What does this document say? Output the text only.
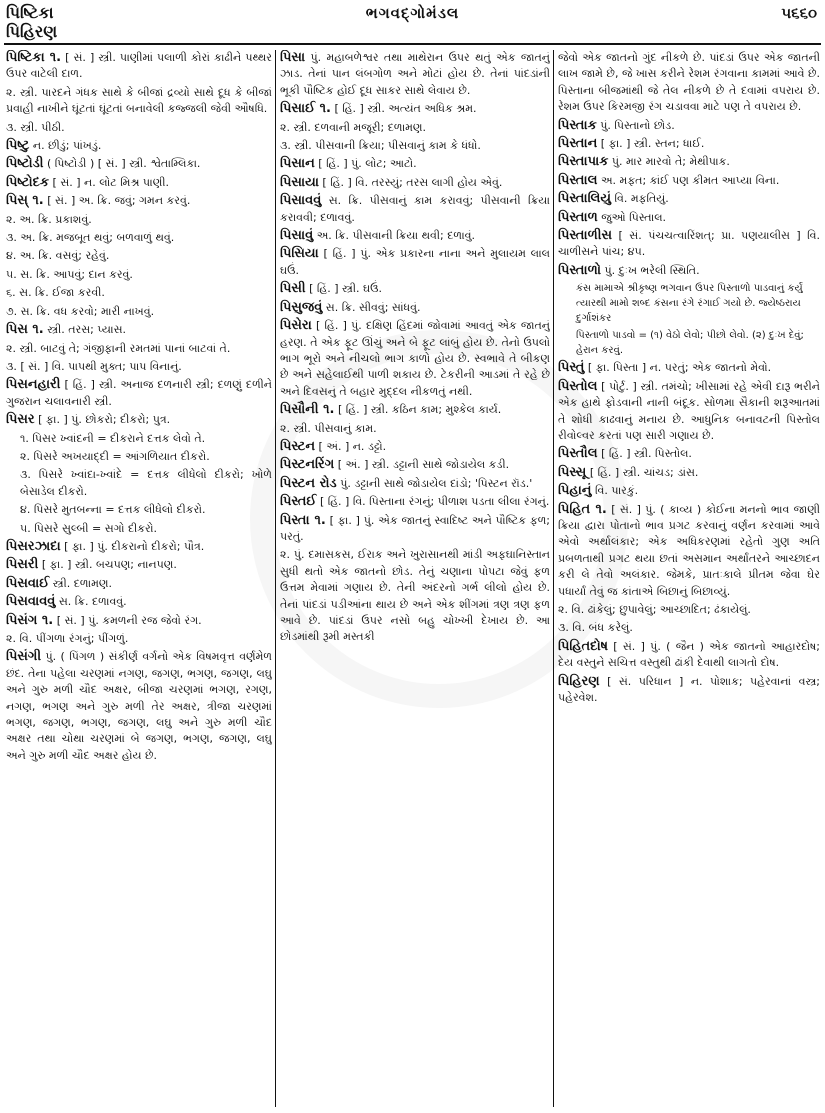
પિષ્ટિકા
પિહિરણ
ભગવદ્ગોમંડલ	૫૬૬૦
પિષ્ટિકા ૧. [ સં. ] સ્ત્રી. પાણીમાં પલાળી કોરાં કાઢીને પથ્થર ઉપર વાટેલી દાળ.
૨. સ્ત્રી. પારદને ગંધક સાથે કે બીજાં દ્રવ્યો સાથે દૂધ કે બીજાં પ્રવાહી નાખીને ઘૂંટતાં ઘૂંટતાં બનાવેલી કજ્જલી જેવી ઔષધિ.
૩. સ્ત્રી. પીઠી.
પિષ્ટુ ન. છીડું; પાંખડું.
પિષ્ટોડી ( પિષ્ટોડી ) [ સં. ] સ્ત્રી. શ્વેતામ્લિકા.
પિષ્ટોદક [ સં. ] ન. લોટ મિશ્ર પાણી.
પિસ્ ૧. [ સં. ] અ. ક્રિ. જવું; ગમન કરવું.
૨. અ. ક્રિ. પ્રકાશવું.
૩. અ. ક્રિ. મજબૂત થવું; બળવાળું થવું.
૪. અ. ક્રિ. વસવું; રહેવું.
૫. સ. ક્રિ. આપવું; દાન કરવું.
૬. સ. ક્રિ. ઈજા કરવી.
૭. સ. ક્રિ. વધ કરવો; મારી નાખવું.
પિસ ૧. સ્ત્રી. તરસ; પ્યાસ.
૨. સ્ત્રી. બાટવું તે; ગંજીફાની રમતમાં પાનાં બાટવાં તે.
૩. [ સં. ] વિ. પાપથી મુક્ત; પાપ વિનાનું.
પિસનહારી [ હિં. ] સ્ત્રી. અનાજ દળનારી સ્ત્રી; દળણું દળીને ગુજરાન ચલાવનારી સ્ત્રી.
પિસર [ ફા. ] પું. છોકરો; દીકરો; પુત્ર.
૧. પિસર ખ્વાંદની = દીકરાને દત્તક લેવો તે.
૨. પિસરે અખયાદ્દી = આંગળિયાત દીકરો.
૩. પિસરે ખ્વાંદા-ખ્વાંદે = દત્તક લીધેલો દીકરો; ખોળે બેસાડેલ દીકરો.
૪. પિસરે મુતબન્ના = દત્તક લીધેલો દીકરો.
૫. પિસરે સુલ્બી = સગો દીકરો.
પિસરઝાદા [ ફા. ] પું. દીકરાનો દીકરો; પૌત્ર.
પિસરી [ ફા. ] સ્ત્રી. બચપણ; નાનપણ.
પિસવાઈ સ્ત્રી. દળામણ.
પિસવાવવું સ. ક્રિ. દળાવવું.
પિસંગ ૧. [ સં. ] પું. કમળની રજ જેવો રંગ.
૨. વિ. પીંગળા રંગનું; પીંગળું.
પિસંગી પું. ( પિંગળ ) સંકીર્ણ વર્ગનો એક વિષમવૃત્ત વર્ણમેળ છંદ. તેના પહેલા ચરણમાં નગણ, જગણ, ભગણ, જગણ, લઘુ અને ગુરુ મળી ચૌદ અક્ષર, બીજા ચરણમાં ભગણ, રગણ, નગણ, ભગણ અને ગુરુ મળી તેર અક્ષર, ત્રીજા ચરણમાં ભગણ, જગણ, ભગણ, જગણ, લઘુ અને ગુરુ મળી ચૌદ અક્ષર તથા ચોથા ચરણમાં બે જગણ, ભગણ, જગણ, લઘુ અને ગુરુ મળી ચૌદ અક્ષર હોય છે.
પિસા પું. મહાબળેશ્વર તથા માથેરાન ઉપર થતું એક જાતનું ઝાડ. તેનાં પાન લંબગોળ અને મોટાં હોય છે. તેનાં પાંદડાંની ભૂકી પૌષ્ટિક હોઈ દૂધ સાકર સાથે લેવાય છે.
પિસાઈ ૧. [ હિં. ] સ્ત્રી. અત્યંત અધિક શ્રમ.
૨. સ્ત્રી. દળવાની મજૂરી; દળામણ.
૩. સ્ત્રી. પીસવાની ક્રિયા; પીસવાનું કામ કે ધંધો.
પિસાન [ હિં. ] પું. લોટ; આટો.
પિસાયા [ હિં. ] વિ. તરસ્યું; તરસ લાગી હોય એવું.
પિસાવવું સ. ક્રિ. પીસવાનું કામ કરાવવું; પીસવાની ક્રિયા કરાવવી; દળાવવું.
પિસાવું અ. ક્રિ. પીસવાની ક્રિયા થવી; દળાવું.
પિસિયા [ હિં. ] પું. એક પ્રકારના નાના અને મુલાયમ લાલ ઘઉં.
પિસી [ હિં. ] સ્ત્રી. ઘઉં.
પિસુજવું સ. ક્રિ. સીવવું; સાંધવું.
પિસેરા [ હિં. ] પું. દક્ષિણ હિંદમાં જોવામાં આવતું એક જાતનું હરણ. તે એક ફૂટ ઊંચું અને બે ફૂટ લાંબું હોય છે. તેનો ઉપલો ભાગ ભૂરો અને નીચલો ભાગ કાળો હોય છે. સ્વભાવે તે બીકણ છે અને સહેલાઈથી પાળી શકાય છે. ટેકરીની આડમાં તે રહે છે અને દિવસનું તે બહાર મુદ્દલ નીકળતું નથી.
પિસૌની ૧. [ હિં. ] સ્ત્રી. કઠિન કામ; મુશ્કેલ કાર્ય.
૨. સ્ત્રી. પીસવાનું કામ.
પિસ્ટન [ અં. ] ન. ડટ્ટો.
પિસ્ટનરિંગ [ અં. ] સ્ત્રી. ડટ્ટાની સાથે જોડાયેલ કડી.
પિસ્ટન રોડ પું. ડટ્ટાની સાથે જોડાયેલ દાંડો; 'પિસ્ટન રૉડ.'
પિસ્તઈ [ હિં. ] વિ. પિસ્તાના રંગનું; પીળાશ પડતા લીલા રંગનું.
પિસ્તા ૧. [ ફા. ] પું. એક જાતનું સ્વાદિષ્ટ અને પૌષ્ટિક ફળ; પરતું.
૨. પું. દમાસકસ, ઈરાક અને ખુરાસાનથી માંડી અફઘાનિસ્તાન સુધી થતો એક જાતનો છોડ. તેનું ચણાના પોપટા જેવું ફળ ઉત્તમ મેવામાં ગણાય છે. તેની અંદરનો ગર્ભ લીલો હોય છે. તેનાં પાંદડાં પડીઆંના થાય છે અને એક શીંગમાં ત્રણ ત્રણ ફળ આવે છે. પાંદડાં ઉપર નસો બહુ ચોખ્ખી દેખાય છે. આ છોડમાંથી રૂમી મસ્તકી
જેવો એક જાતનો ગુંદ નીકળે છે. પાંદડાં ઉપર એક જાતની લાખ જામે છે, જે ખાસ કરીને રેશમ રંગવાના કામમાં આવે છે. પિસ્તાના બીજમાંથી જે તેલ નીકળે છે તે દવામાં વપરાય છે. રેશમ ઉપર કિરમજી રંગ ચડાવવા માટે પણ તે વપરાય છે.
પિસ્તાક પું. પિસ્તાનો છોડ.
પિસ્તાન [ ફા. ] સ્ત્રી. સ્તન; ધાઈ.
પિસ્તાપાક પું. માર મારવો તે; મેથીપાક.
પિસ્તાલ અ. મફત; કાંઈ પણ કીમત આપ્યા વિના.
પિસ્તાલિયું વિ. મફતિયું.
પિસ્તાળ જુઓ પિસ્તાલ.
પિસ્તાળીસ [ સં. પંચચત્વારિંશત્; પ્રા. પણયાલીસ ] વિ. ચાળીસને પાંચ; ૪૫.
પિસ્તાળો પું. દુઃખ ભરેલી સ્થિતિ.
કંસ મામાએ શ્રીકૃષ્ણ ભગવાન ઉપર પિસ્તાળો પાડવાનું કર્યું ત્યારથી મામો શબ્દ કંસના રંગે રંગાઈ ગયો છે. જ્યેષ્ઠરાય દુર્ગાશંકર
પિસ્તાળો પાડવો = (૧) વેઠો લેવો; પીછો લેવો. (૨) દુઃખ દેવું; હેરાન કરવું.
પિસ્તું [ ફા. પિસ્તા ] ન. પરતું; એક જાતનો મેવો.
પિસ્તોલ [ પોર્ટુ. ] સ્ત્રી. તમંચો; ખીસામાં રહે એવી દારૂ ભરીને એક હાથે ફોડવાની નાની બંદૂક. સોળમા સૈકાની શરૂઆતમાં તે શોધી કાઢવાનું મનાય છે. આધુનિક બનાવટની પિસ્તોલ રીવોલ્વર કરતાં પણ સારી ગણાય છે.
પિસ્તૌલ [ હિં. ] સ્ત્રી. પિસ્તોલ.
પિસ્સૂ [ હિં. ] સ્ત્રી. ચાંચડ; ડાંસ.
પિહાનું વિ. પારકું.
પિહિત ૧. [ સં. ] પું. ( કાવ્ય ) કોઈના મનનો ભાવ જાણી ક્રિયા દ્વારા પોતાનો ભાવ પ્રગટ કરવાનું વર્ણન કરવામાં આવે એવો અર્થાલંકાર; એક અધિકરણમાં રહેતો ગુણ અતિ પ્રબળતાથી પ્રગટ થયા છતાં અસમાન અર્થાંતરને આચ્છાદન કરી લે તેવો અલંકાર. જેમકે, પ્રાતઃકાલે પ્રીતમ જેવા ઘેર પધાર્યાં તેવું જ કાંતાએ બિછાનું બિછાવ્યું.
૨. વિ. ઢાંકેલું; છુપાવેલું; આચ્છાદિત; ઢંકાયેલું.
૩. વિ. બંધ કરેલું.
પિહિતદોષ [ સં. ] પું. ( જૈન ) એક જાતનો આહારદોષ; દેય વસ્તુને સચિત્ત વસ્તુથી ઢાંકી દેવાથી લાગતો દોષ.
પિહિરણ [ સં. પરિધાન ] ન. પોશાક; પહેરવાનાં વસ્ત્ર; પહેરવેશ.
